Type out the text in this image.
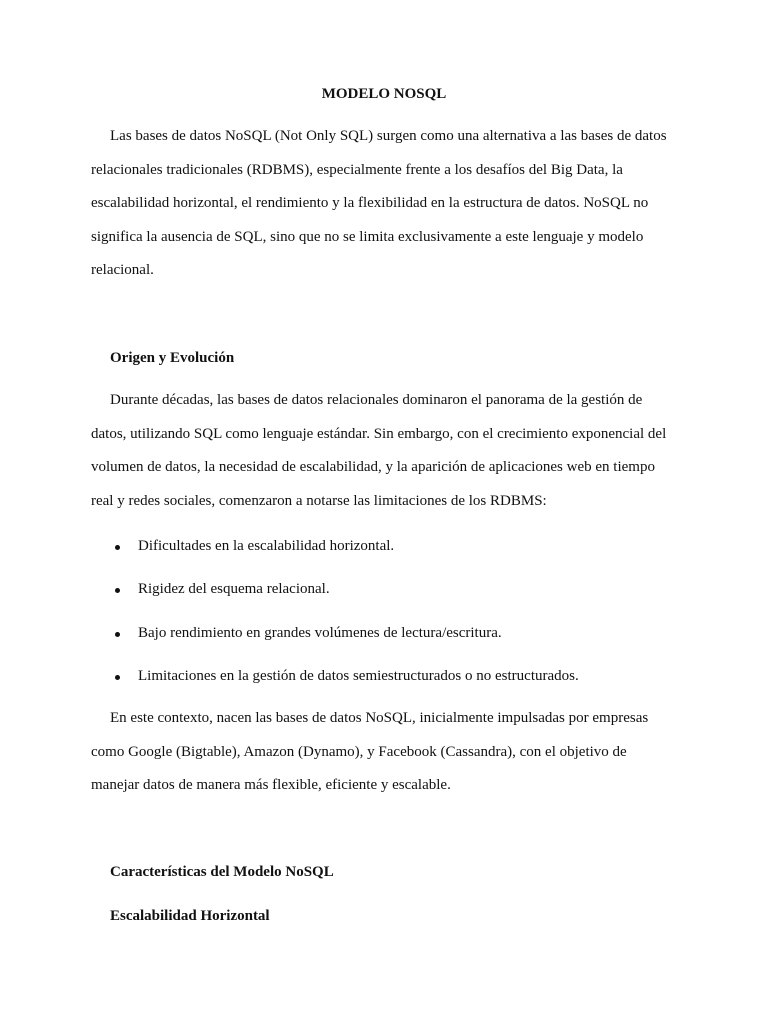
MODELO NOSQL

Las bases de datos NoSQL (Not Only SQL) surgen como una alternativa a las bases de datos relacionales tradicionales (RDBMS), especialmente frente a los desafíos del Big Data, la escalabilidad horizontal, el rendimiento y la flexibilidad en la estructura de datos. NoSQL no significa la ausencia de SQL, sino que no se limita exclusivamente a este lenguaje y modelo relacional.

Origen y Evolución

Durante décadas, las bases de datos relacionales dominaron el panorama de la gestión de datos, utilizando SQL como lenguaje estándar. Sin embargo, con el crecimiento exponencial del volumen de datos, la necesidad de escalabilidad, y la aparición de aplicaciones web en tiempo real y redes sociales, comenzaron a notarse las limitaciones de los RDBMS:

Dificultades en la escalabilidad horizontal.
Rigidez del esquema relacional.
Bajo rendimiento en grandes volúmenes de lectura/escritura.
Limitaciones en la gestión de datos semiestructurados o no estructurados.

En este contexto, nacen las bases de datos NoSQL, inicialmente impulsadas por empresas como Google (Bigtable), Amazon (Dynamo), y Facebook (Cassandra), con el objetivo de manejar datos de manera más flexible, eficiente y escalable.

Características del Modelo NoSQL
Escalabilidad Horizontal
